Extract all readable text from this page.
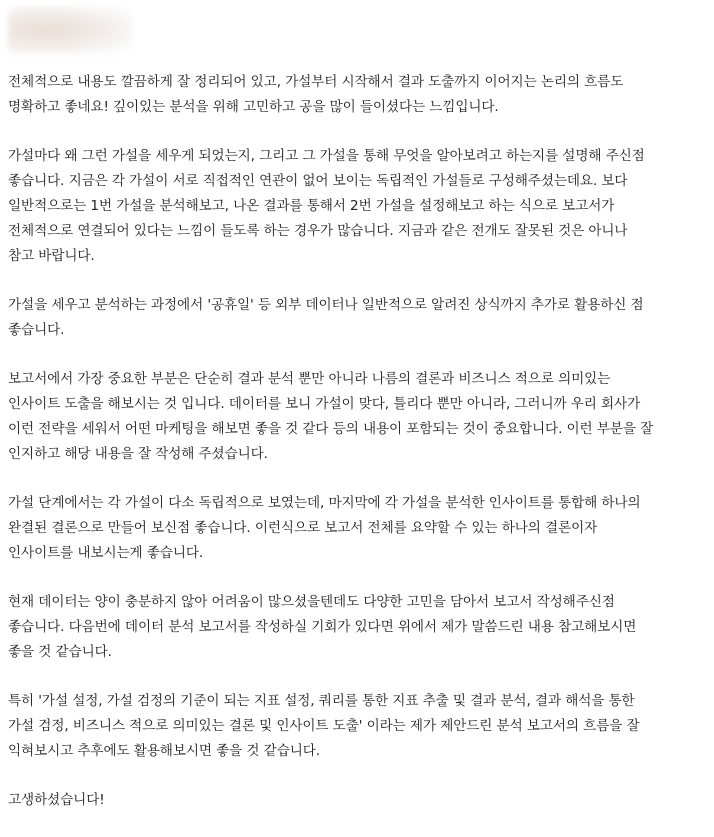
전체적으로 내용도 깔끔하게 잘 정리되어 있고, 가설부터 시작해서 결과 도출까지 이어지는 논리의 흐름도
명확하고 좋네요! 깊이있는 분석을 위해 고민하고 공을 많이 들이셨다는 느낌입니다.

가설마다 왜 그런 가설을 세우게 되었는지, 그리고 그 가설을 통해 무엇을 알아보려고 하는지를 설명해 주신점
좋습니다. 지금은 각 가설이 서로 직접적인 연관이 없어 보이는 독립적인 가설들로 구성해주셨는데요. 보다
일반적으로는 1번 가설을 분석해보고, 나온 결과를 통해서 2번 가설을 설정해보고 하는 식으로 보고서가
전체적으로 연결되어 있다는 느낌이 들도록 하는 경우가 많습니다. 지금과 같은 전개도 잘못된 것은 아니나
참고 바랍니다.

가설을 세우고 분석하는 과정에서 '공휴일' 등 외부 데이터나 일반적으로 알려진 상식까지 추가로 활용하신 점
좋습니다.

보고서에서 가장 중요한 부분은 단순히 결과 분석 뿐만 아니라 나름의 결론과 비즈니스 적으로 의미있는
인사이트 도출을 해보시는 것 입니다. 데이터를 보니 가설이 맞다, 틀리다 뿐만 아니라, 그러니까 우리 회사가
이런 전략을 세워서 어떤 마케팅을 해보면 좋을 것 같다 등의 내용이 포함되는 것이 중요합니다. 이런 부분을 잘
인지하고 해당 내용을 잘 작성해 주셨습니다.

가설 단계에서는 각 가설이 다소 독립적으로 보였는데, 마지막에 각 가설을 분석한 인사이트를 통합해 하나의
완결된 결론으로 만들어 보신점 좋습니다. 이런식으로 보고서 전체를 요약할 수 있는 하나의 결론이자
인사이트를 내보시는게 좋습니다.

현재 데이터는 양이 충분하지 않아 어려움이 많으셨을텐데도 다양한 고민을 담아서 보고서 작성해주신점
좋습니다. 다음번에 데이터 분석 보고서를 작성하실 기회가 있다면 위에서 제가 말씀드린 내용 참고해보시면
좋을 것 같습니다.

특히 '가설 설정, 가설 검정의 기준이 되는 지표 설정, 쿼리를 통한 지표 추출 및 결과 분석, 결과 해석을 통한
가설 검정, 비즈니스 적으로 의미있는 결론 및 인사이트 도출' 이라는 제가 제안드린 분석 보고서의 흐름을 잘
익혀보시고 추후에도 활용해보시면 좋을 것 같습니다.

고생하셨습니다!
